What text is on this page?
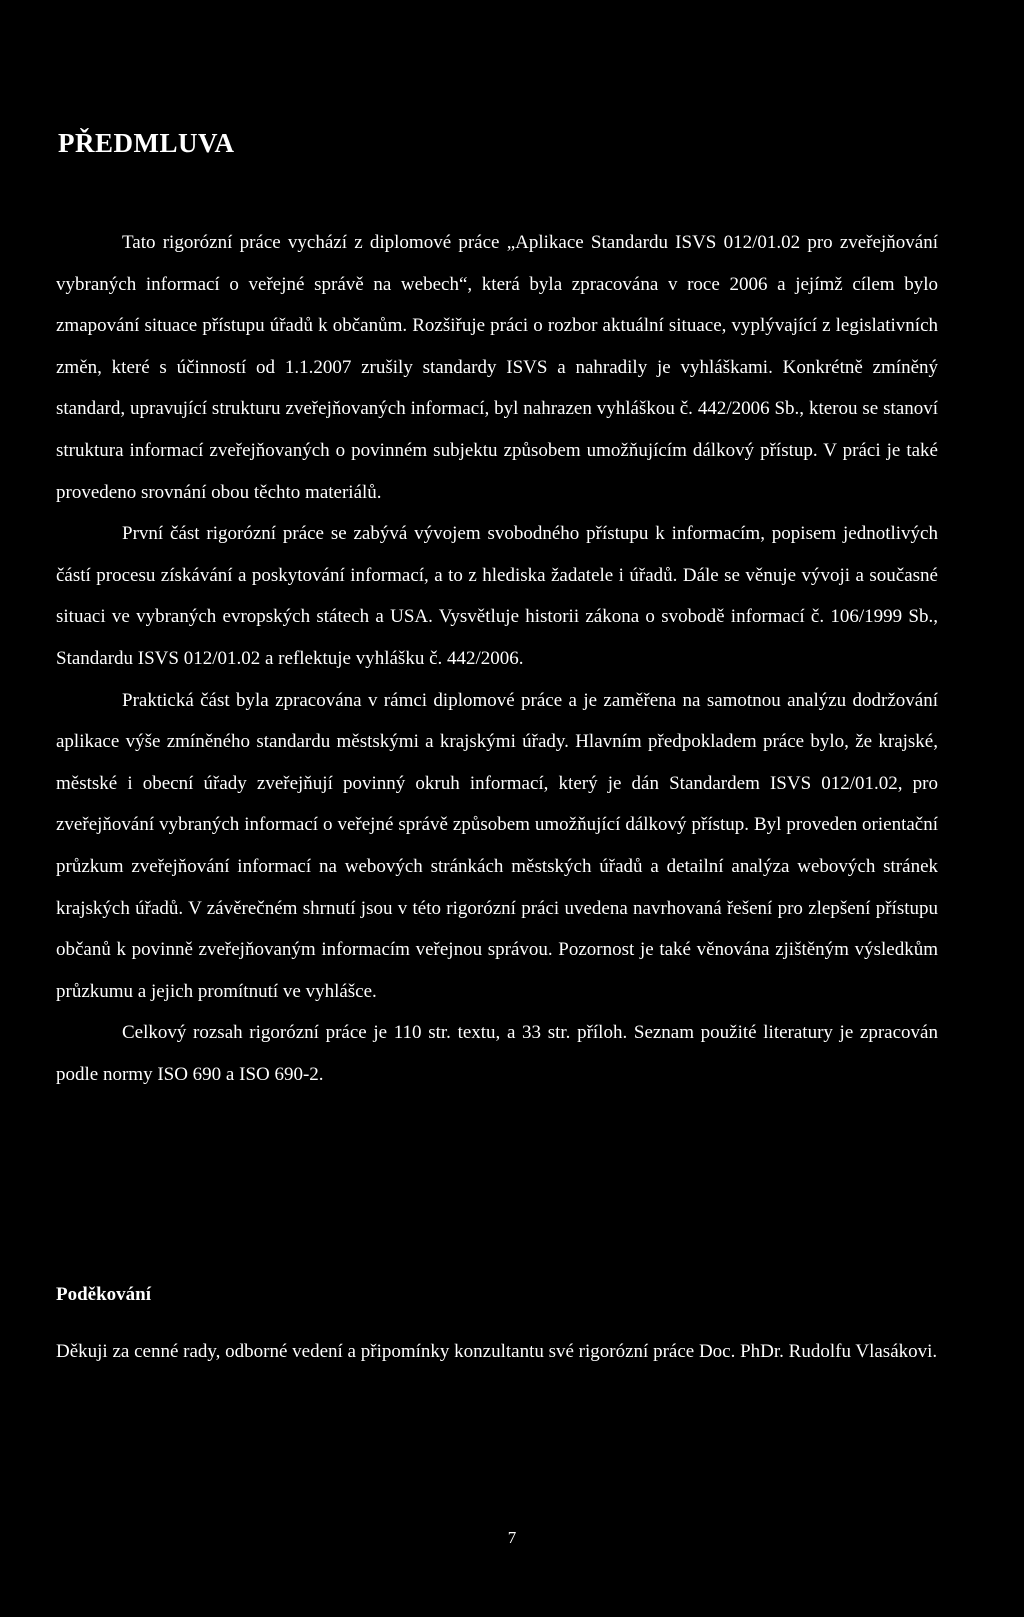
PŘEDMLUVA

Tato rigorózní práce vychází z diplomové práce „Aplikace Standardu ISVS 012/01.02 pro zveřejňování vybraných informací o veřejné správě na webech“, která byla zpracována v roce 2006 a jejímž cílem bylo zmapování situace přístupu úřadů k občanům. Rozšiřuje práci o rozbor aktuální situace, vyplývající z legislativních změn, které s účinností od 1.1.2007 zrušily standardy ISVS a nahradily je vyhláškami. Konkrétně zmíněný standard, upravující strukturu zveřejňovaných informací, byl nahrazen vyhláškou č. 442/2006 Sb., kterou se stanoví struktura informací zveřejňovaných o povinném subjektu způsobem umožňujícím dálkový přístup. V práci je také provedeno srovnání obou těchto materiálů.

První část rigorózní práce se zabývá vývojem svobodného přístupu k informacím, popisem jednotlivých částí procesu získávání a poskytování informací, a to z hlediska žadatele i úřadů. Dále se věnuje vývoji a současné situaci ve vybraných evropských státech a USA. Vysvětluje historii zákona o svobodě informací č. 106/1999 Sb., Standardu ISVS 012/01.02 a reflektuje vyhlášku č. 442/2006.

Praktická část byla zpracována v rámci diplomové práce a je zaměřena na samotnou analýzu dodržování aplikace výše zmíněného standardu městskými a krajskými úřady. Hlavním předpokladem práce bylo, že krajské, městské i obecní úřady zveřejňují povinný okruh informací, který je dán Standardem ISVS 012/01.02, pro zveřejňování vybraných informací o veřejné správě způsobem umožňující dálkový přístup. Byl proveden orientační průzkum zveřejňování informací na webových stránkách městských úřadů a detailní analýza webových stránek krajských úřadů. V závěrečném shrnutí jsou v této rigorózní práci uvedena navrhovaná řešení pro zlepšení přístupu občanů k povinně zveřejňovaným informacím veřejnou správou. Pozornost je také věnována zjištěným výsledkům průzkumu a jejich promítnutí ve vyhlášce.

Celkový rozsah rigorózní práce je 110 str. textu, a 33 str. příloh. Seznam použité literatury je zpracován podle normy ISO 690 a ISO 690-2.

Poděkování

Děkuji za cenné rady, odborné vedení a připomínky konzultantu své rigorózní práce Doc. PhDr. Rudolfu Vlasákovi.

7
